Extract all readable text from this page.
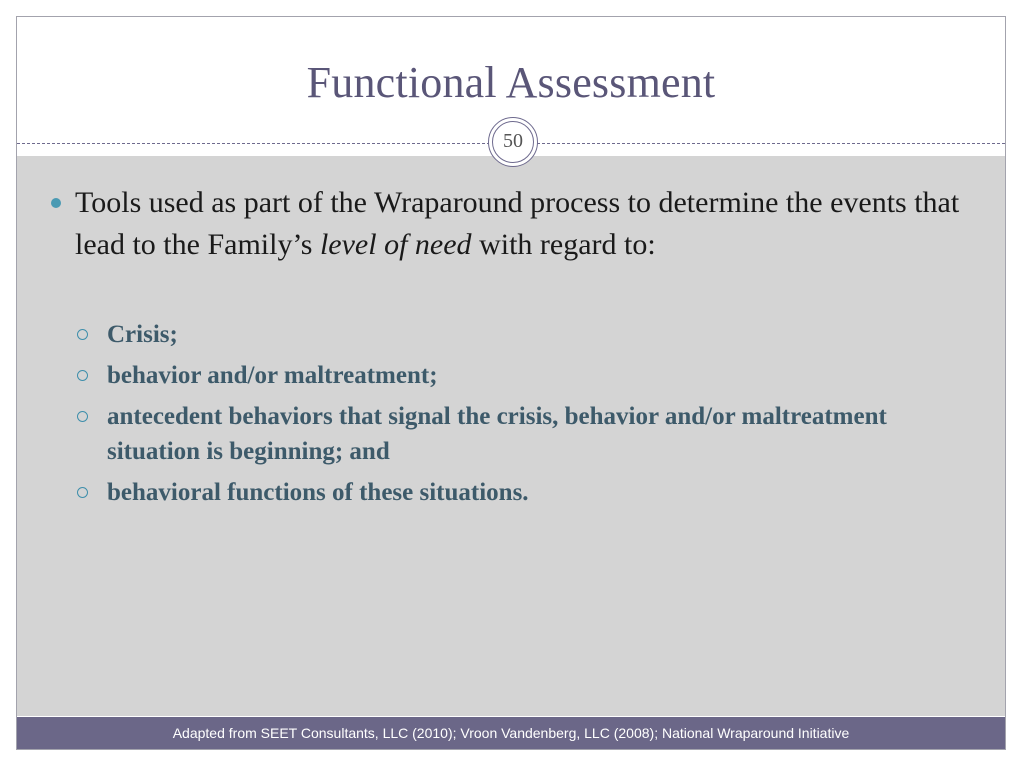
Functional Assessment
50
Tools used as part of the Wraparound process to determine the events that lead to the Family’s level of need with regard to:
Crisis;
behavior and/or maltreatment;
antecedent behaviors that signal the crisis, behavior and/or maltreatment situation is beginning; and
behavioral functions of these situations.
Adapted from SEET Consultants, LLC (2010); Vroon Vandenberg, LLC (2008); National Wraparound Initiative
